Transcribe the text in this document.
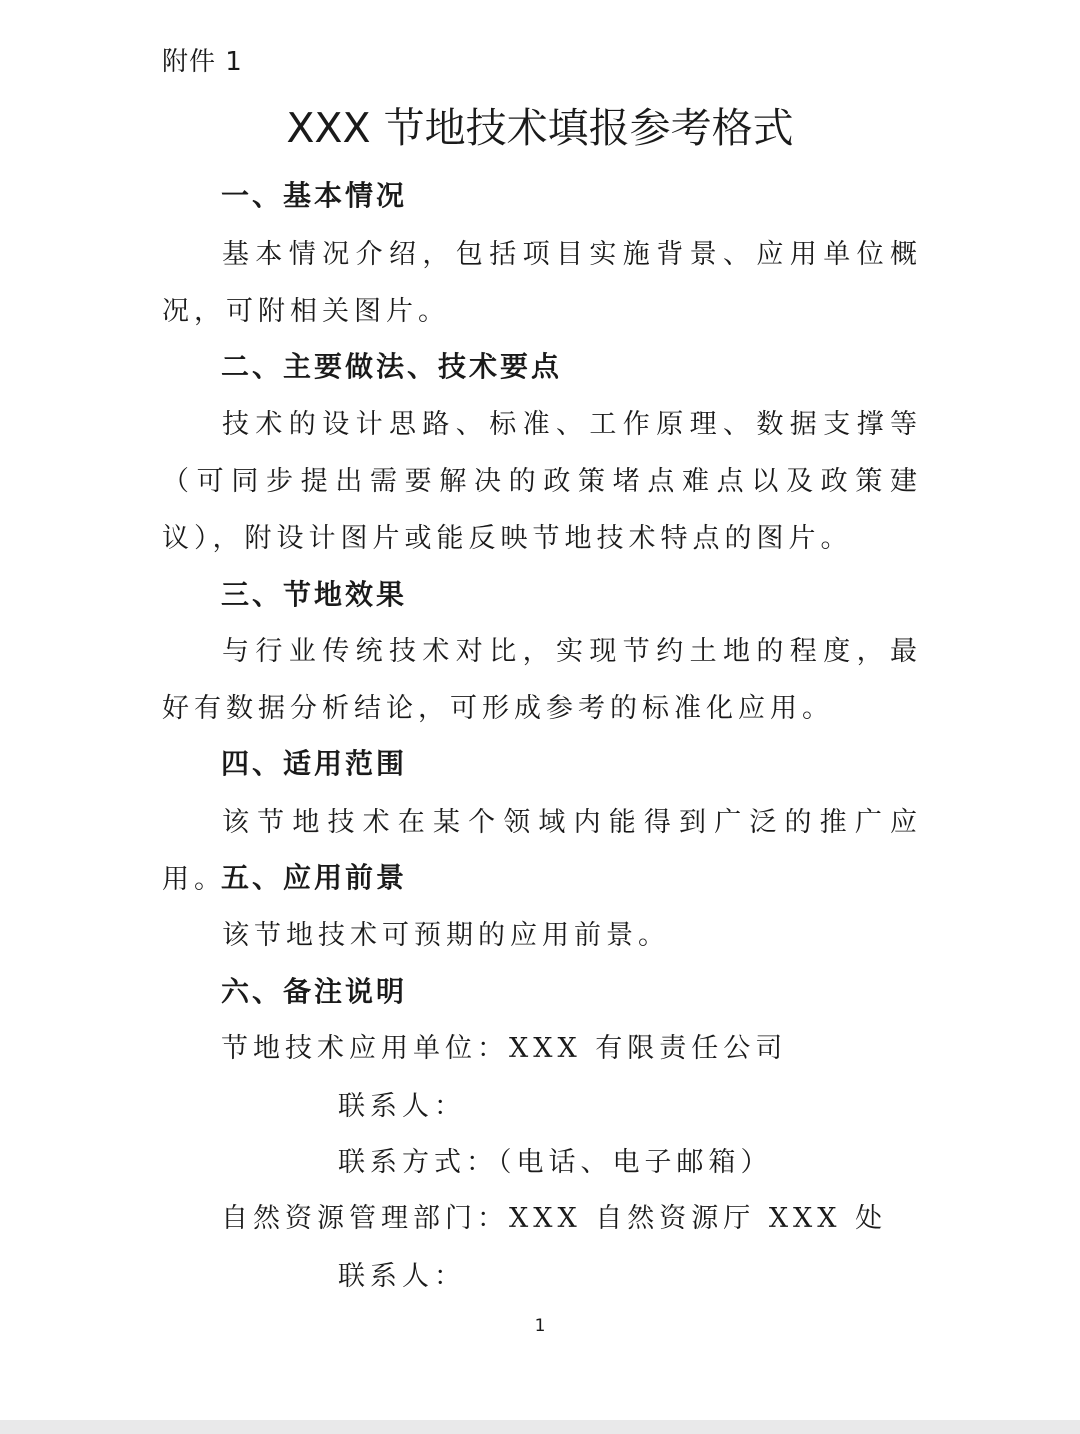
附件 1
XXX 节地技术填报参考格式
一、基本情况

基本情况介绍，包括项目实施背景、应用单位概况，可附相关图片。

二、主要做法、技术要点

技术的设计思路、标准、工作原理、数据支撑等（可同步提出需要解决的政策堵点难点以及政策建议），附设计图片或能反映节地技术特点的图片。

三、节地效果

与行业传统技术对比，实现节约土地的程度，最好有数据分析结论，可形成参考的标准化应用。

四、适用范围

该节地技术在某个领域内能得到广泛的推广应用。

五、应用前景

该节地技术可预期的应用前景。

六、备注说明
节地技术应用单位：XXX 有限责任公司
联系人：
联系方式：（电话、电子邮箱）
自然资源管理部门：XXX 自然资源厅 XXX 处
联系人：
1
